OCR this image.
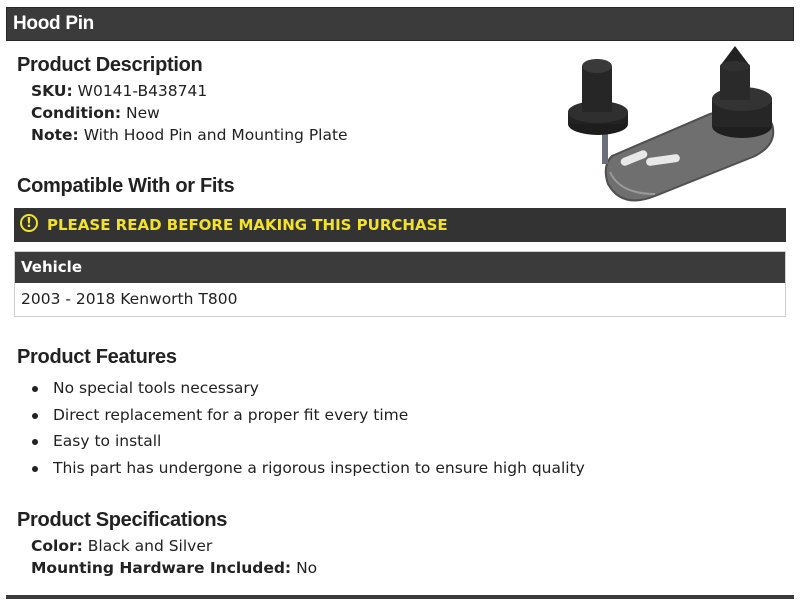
Hood Pin
Product Description
SKU: W0141-B438741
Condition: New
Note: With Hood Pin and Mounting Plate
Compatible With or Fits
!	PLEASE READ BEFORE MAKING THIS PURCHASE
Vehicle
2003 - 2018 Kenworth T800
Product Features
No special tools necessary
Direct replacement for a proper fit every time
Easy to install
This part has undergone a rigorous inspection to ensure high quality
Product Specifications
Color: Black and Silver
Mounting Hardware Included: No
